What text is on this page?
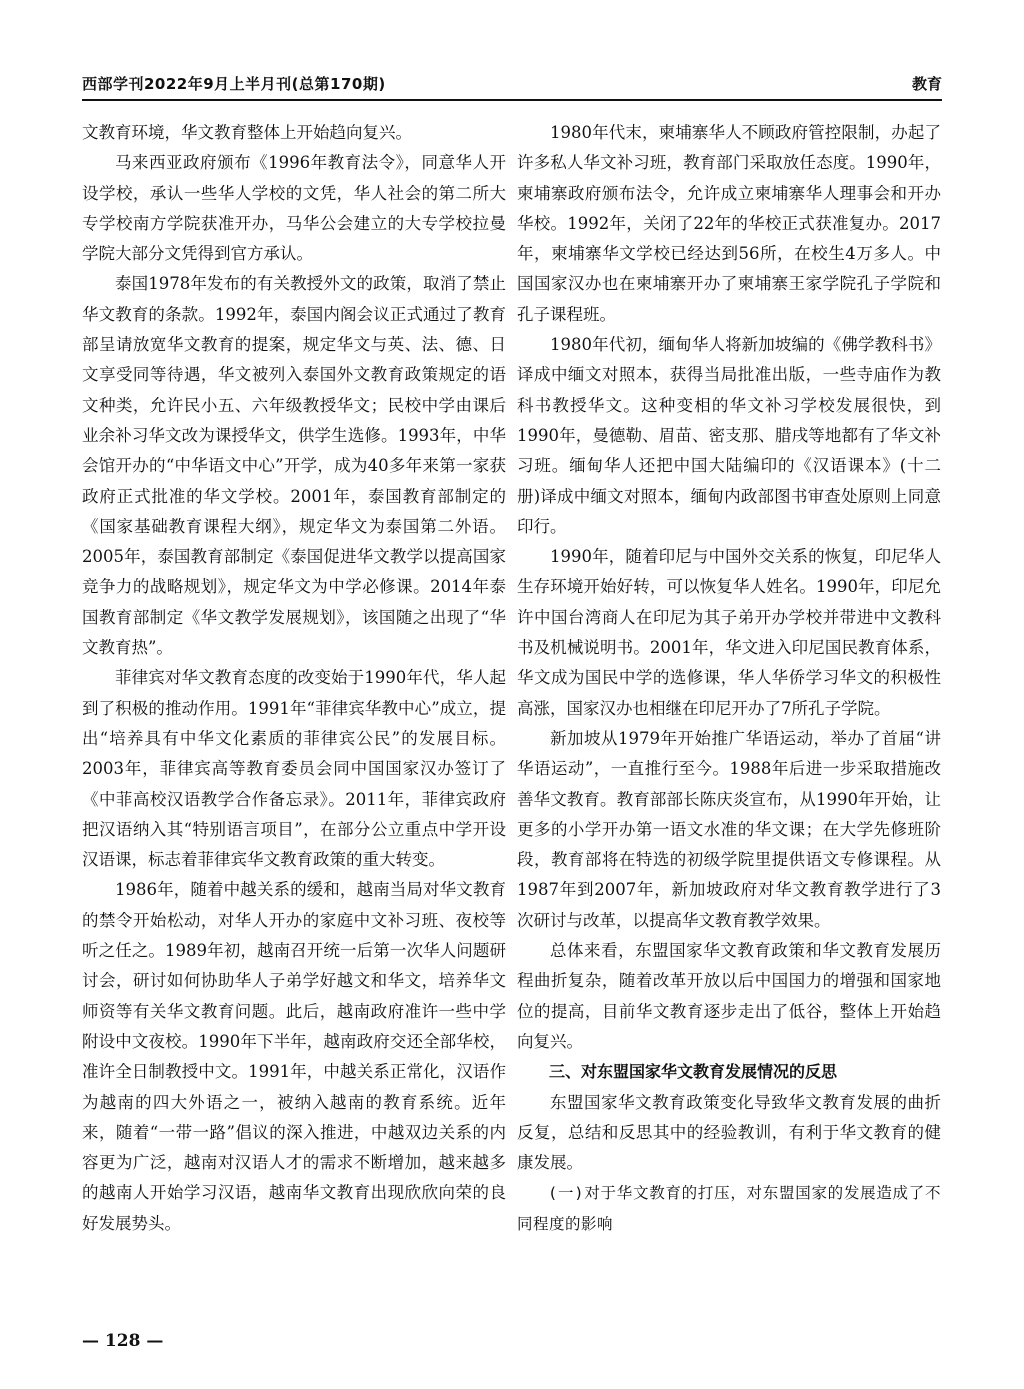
西部学刊2022年9月上半月刊(总第170期)	教育

文教育环境，华文教育整体上开始趋向复兴。

马来西亚政府颁布《1996年教育法令》，同意华人开设学校，承认一些华人学校的文凭，华人社会的第二所大专学校南方学院获准开办，马华公会建立的大专学校拉曼学院大部分文凭得到官方承认。

泰国1978年发布的有关教授外文的政策，取消了禁止华文教育的条款。1992年，泰国内阁会议正式通过了教育部呈请放宽华文教育的提案，规定华文与英、法、德、日文享受同等待遇，华文被列入泰国外文教育政策规定的语文种类，允许民小五、六年级教授华文；民校中学由课后业余补习华文改为课授华文，供学生选修。1993年，中华会馆开办的“中华语文中心”开学，成为40多年来第一家获政府正式批准的华文学校。2001年，泰国教育部制定的《国家基础教育课程大纲》，规定华文为泰国第二外语。2005年，泰国教育部制定《泰国促进华文教学以提高国家竞争力的战略规划》，规定华文为中学必修课。2014年泰国教育部制定《华文教学发展规划》，该国随之出现了“华文教育热”。

菲律宾对华文教育态度的改变始于1990年代，华人起到了积极的推动作用。1991年“菲律宾华教中心”成立，提出“培养具有中华文化素质的菲律宾公民”的发展目标。2003年，菲律宾高等教育委员会同中国国家汉办签订了《中菲高校汉语教学合作备忘录》。2011年，菲律宾政府把汉语纳入其“特别语言项目”，在部分公立重点中学开设汉语课，标志着菲律宾华文教育政策的重大转变。

1986年，随着中越关系的缓和，越南当局对华文教育的禁令开始松动，对华人开办的家庭中文补习班、夜校等听之任之。1989年初，越南召开统一后第一次华人问题研讨会，研讨如何协助华人子弟学好越文和华文，培养华文师资等有关华文教育问题。此后，越南政府准许一些中学附设中文夜校。1990年下半年，越南政府交还全部华校，准许全日制教授中文。1991年，中越关系正常化，汉语作为越南的四大外语之一，被纳入越南的教育系统。近年来，随着“一带一路”倡议的深入推进，中越双边关系的内容更为广泛，越南对汉语人才的需求不断增加，越来越多的越南人开始学习汉语，越南华文教育出现欣欣向荣的良好发展势头。

1980年代末，柬埔寨华人不顾政府管控限制，办起了许多私人华文补习班，教育部门采取放任态度。1990年，柬埔寨政府颁布法令，允许成立柬埔寨华人理事会和开办华校。1992年，关闭了22年的华校正式获准复办。2017年，柬埔寨华文学校已经达到56所，在校生4万多人。中国国家汉办也在柬埔寨开办了柬埔寨王家学院孔子学院和孔子课程班。

1980年代初，缅甸华人将新加坡编的《佛学教科书》译成中缅文对照本，获得当局批准出版，一些寺庙作为教科书教授华文。这种变相的华文补习学校发展很快，到1990年，曼德勒、眉苗、密支那、腊戌等地都有了华文补习班。缅甸华人还把中国大陆编印的《汉语课本》(十二册)译成中缅文对照本，缅甸内政部图书审查处原则上同意印行。

1990年，随着印尼与中国外交关系的恢复，印尼华人生存环境开始好转，可以恢复华人姓名。1990年，印尼允许中国台湾商人在印尼为其子弟开办学校并带进中文教科书及机械说明书。2001年，华文进入印尼国民教育体系，华文成为国民中学的选修课，华人华侨学习华文的积极性高涨，国家汉办也相继在印尼开办了7所孔子学院。

新加坡从1979年开始推广华语运动，举办了首届“讲华语运动”，一直推行至今。1988年后进一步采取措施改善华文教育。教育部部长陈庆炎宣布，从1990年开始，让更多的小学开办第一语文水准的华文课；在大学先修班阶段，教育部将在特选的初级学院里提供语文专修课程。从1987年到2007年，新加坡政府对华文教育教学进行了3次研讨与改革，以提高华文教育教学效果。

总体来看，东盟国家华文教育政策和华文教育发展历程曲折复杂，随着改革开放以后中国国力的增强和国家地位的提高，目前华文教育逐步走出了低谷，整体上开始趋向复兴。

三、对东盟国家华文教育发展情况的反思

东盟国家华文教育政策变化导致华文教育发展的曲折反复，总结和反思其中的经验教训，有利于华文教育的健康发展。

(一)对于华文教育的打压，对东盟国家的发展造成了不同程度的影响

— 128 —
